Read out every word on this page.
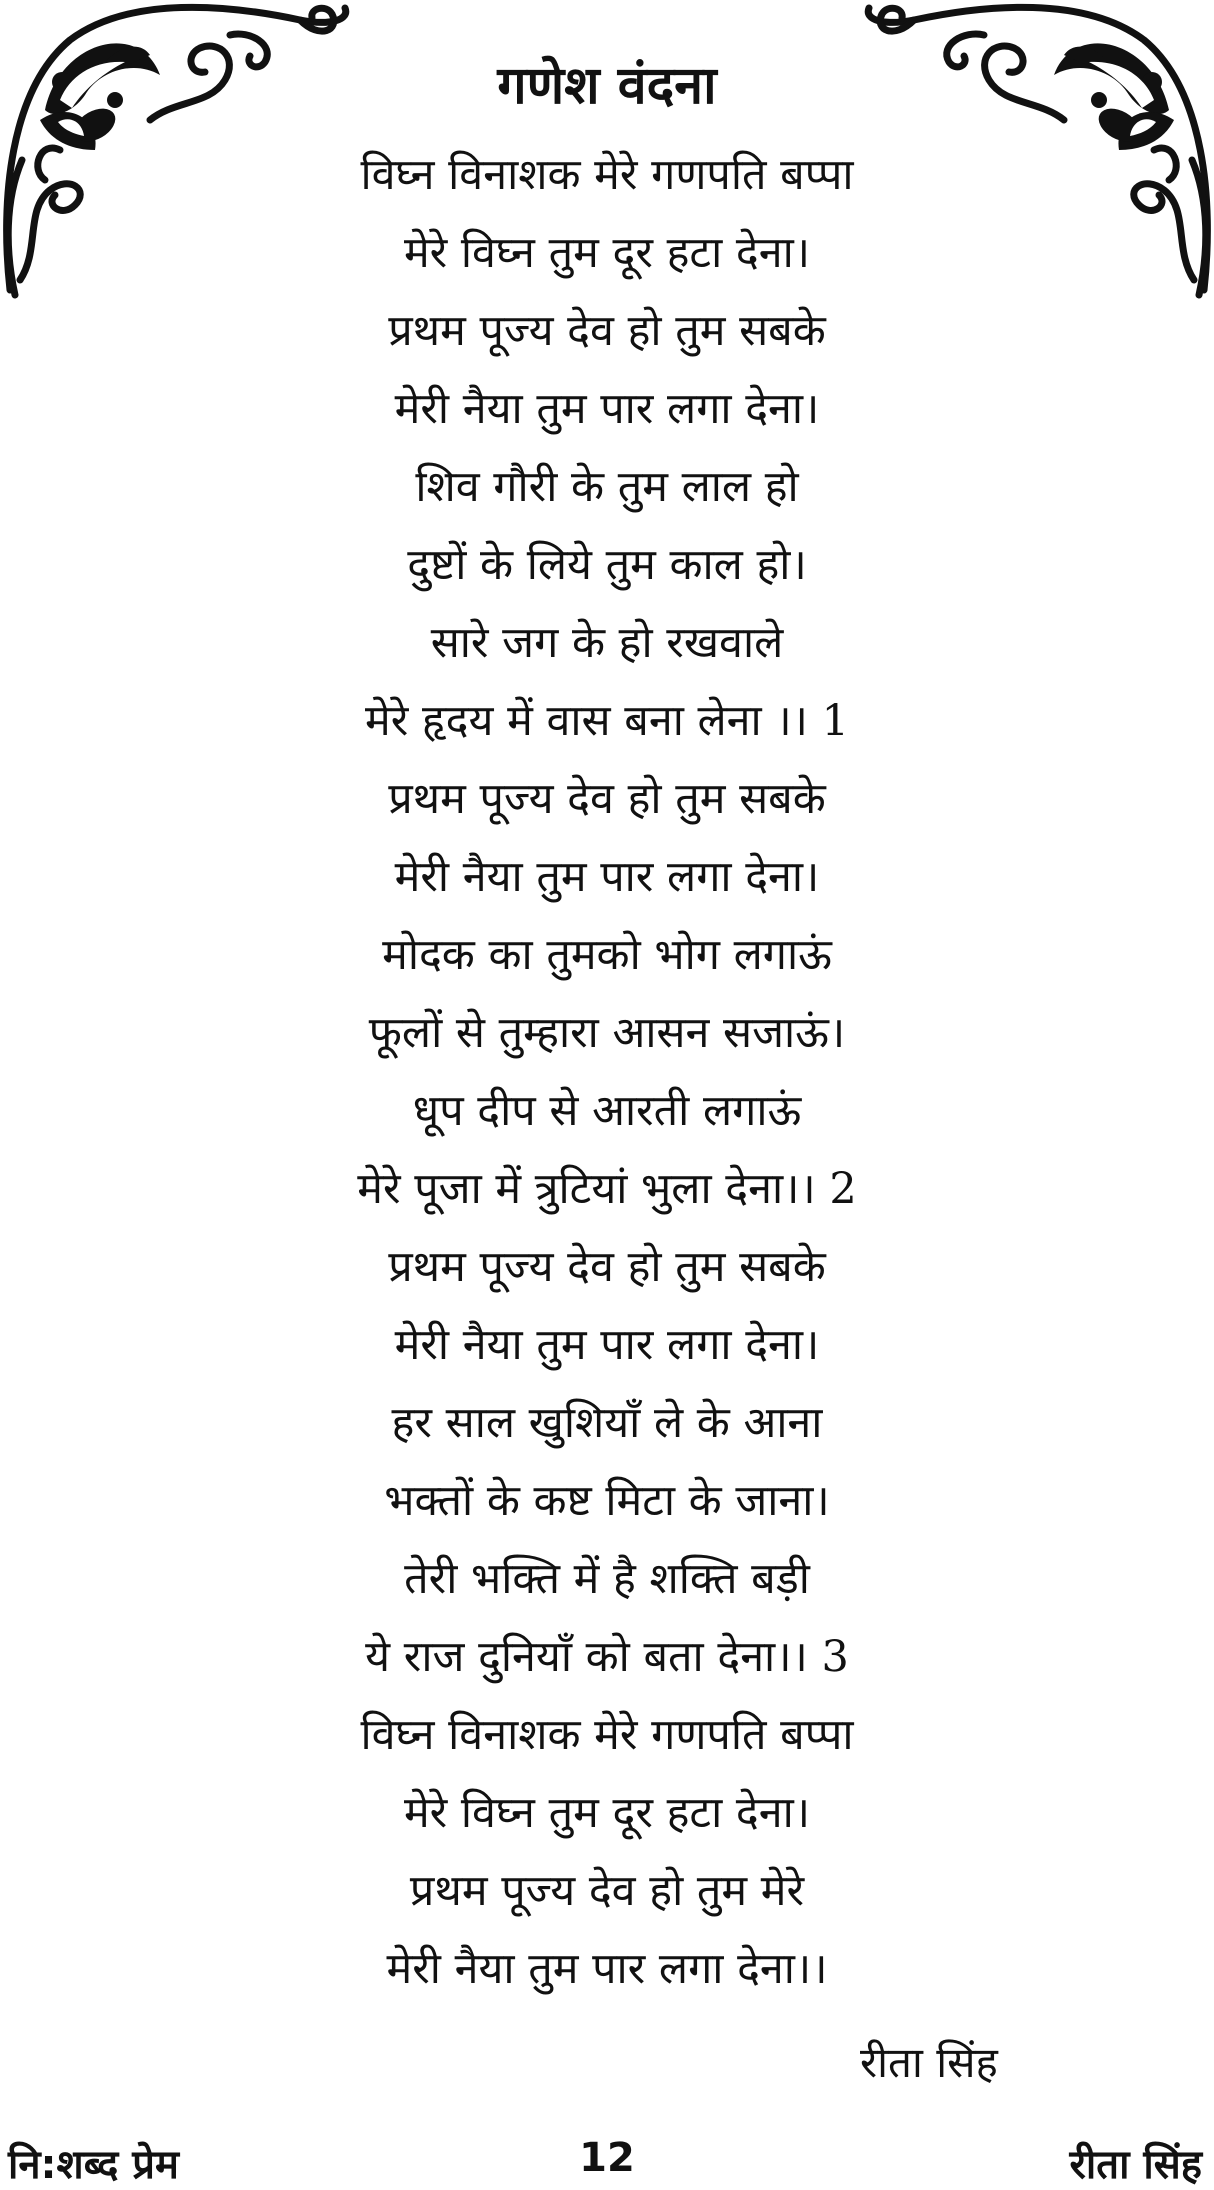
गणेश वंदना
विघ्न विनाशक मेरे गणपति बप्पा
मेरे विघ्न तुम दूर हटा देना।
प्रथम पूज्य देव हो तुम सबके
मेरी नैया तुम पार लगा देना।
शिव गौरी के तुम लाल हो
दुष्टों के लिये तुम काल हो।
सारे जग के हो रखवाले
मेरे हृदय में वास बना लेना ।। 1
प्रथम पूज्य देव हो तुम सबके
मेरी नैया तुम पार लगा देना।
मोदक का तुमको भोग लगाऊं
फूलों से तुम्हारा आसन सजाऊं।
धूप दीप से आरती लगाऊं
मेरे पूजा में त्रुटियां भुला देना।। 2
प्रथम पूज्य देव हो तुम सबके
मेरी नैया तुम पार लगा देना।
हर साल खुशियाँ ले के आना
भक्तों के कष्ट मिटा के जाना।
तेरी भक्ति में है शक्ति बड़ी
ये राज दुनियाँ को बता देना।। 3
विघ्न विनाशक मेरे गणपति बप्पा
मेरे विघ्न तुम दूर हटा देना।
प्रथम पूज्य देव हो तुम मेरे
मेरी नैया तुम पार लगा देना।।
रीता सिंह
नि:शब्द प्रेम	12	रीता सिंह
